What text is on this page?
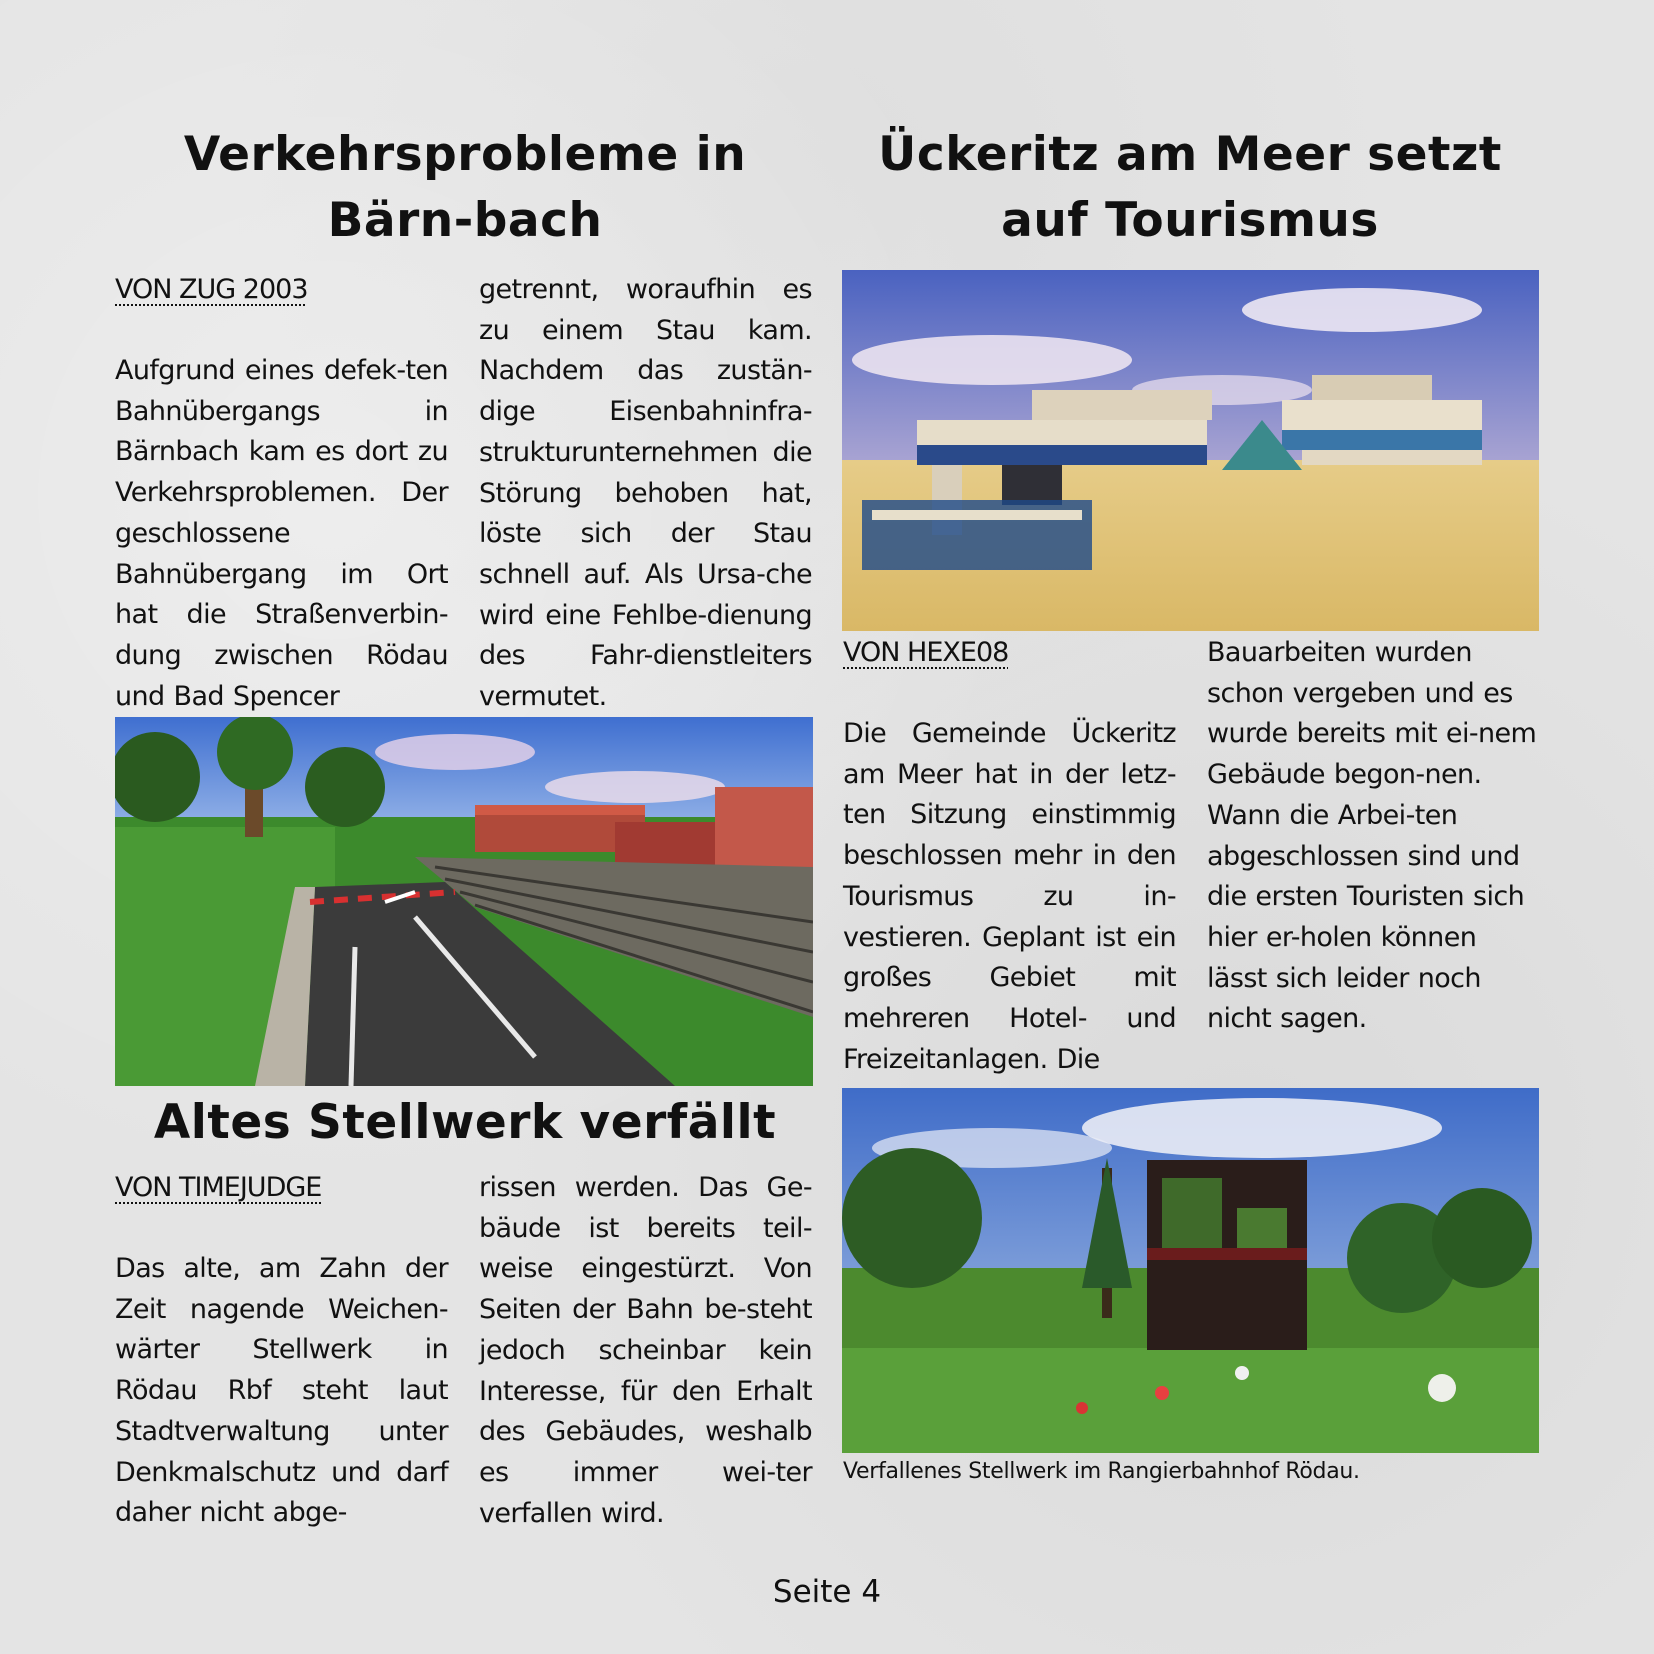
Verkehrsprobleme in Bärn-bach
VON ZUG 2003

Aufgrund eines defek-ten Bahnübergangs in Bärnbach kam es dort zu Verkehrsproblemen. Der geschlossene Bahnübergang im Ort hat die Straßenverbin-dung zwischen Rödau und Bad Spencer

getrennt, woraufhin es zu einem Stau kam. Nachdem das zustän-dige Eisenbahninfra-strukturunternehmen die Störung behoben hat, löste sich der Stau schnell auf. Als Ursa-che wird eine Fehlbe-dienung des Fahr-dienstleiters vermutet.

Altes Stellwerk verfällt
VON TIMEJUDGE

Das alte, am Zahn der Zeit nagende Weichen-wärter Stellwerk in Rödau Rbf steht laut Stadtverwaltung unter Denkmalschutz und darf daher nicht abge-

rissen werden. Das Ge-bäude ist bereits teil-weise eingestürzt. Von Seiten der Bahn be-steht jedoch scheinbar kein Interesse, für den Erhalt des Gebäudes, weshalb es immer wei-ter verfallen wird.

Ückeritz am Meer setzt auf Tourismus
VON HEXE08

Die Gemeinde Ückeritz am Meer hat in der letz-ten Sitzung einstimmig beschlossen mehr in den Tourismus zu in-vestieren. Geplant ist ein großes Gebiet mit mehreren Hotel- und Freizeitanlagen. Die

Bauarbeiten wurden schon vergeben und es wurde bereits mit ei-nem Gebäude begon-nen. Wann die Arbei-ten abgeschlossen sind und die ersten Touristen sich hier er-holen können lässt sich leider noch nicht sagen.

Verfallenes Stellwerk im Rangierbahnhof Rödau.
Seite 4
